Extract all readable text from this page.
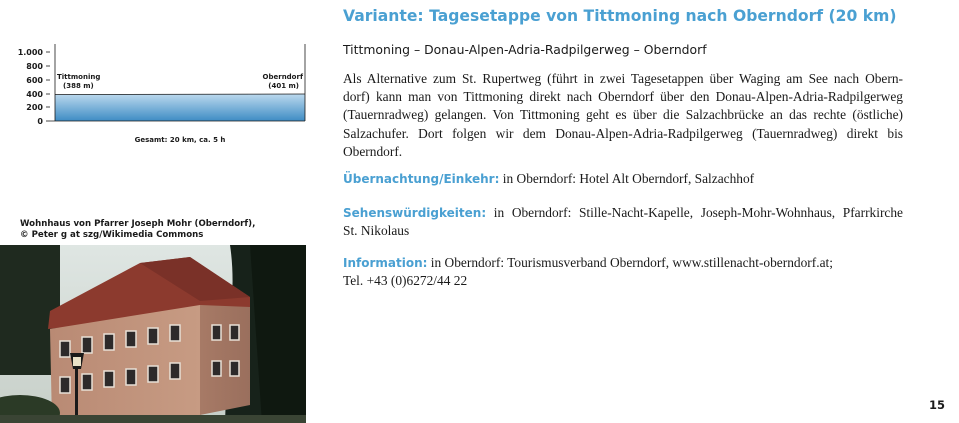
1.000
800
600
400
200
0
Tittmoning
(388 m)
Oberndorf
(401 m)
Gesamt: 20 km, ca. 5 h
Wohnhaus von Pfarrer Joseph Mohr (Oberndorf),
© Peter g at szg/Wikimedia Commons
Variante: Tagesetappe von Tittmoning nach Oberndorf (20 km)
Tittmoning – Donau-Alpen-Adria-Radpilgerweg – Oberndorf
Als Alternative zum St. Rupertweg (führt in zwei Tagesetappen über Waging am See nach Obern-
dorf) kann man von Tittmoning direkt nach Oberndorf über den Donau-Alpen-Adria-Radpilgerweg
(Tauernradweg) gelangen. Von Tittmoning geht es über die Salzachbrücke an das rechte (östliche)
Salzachufer. Dort folgen wir dem Donau-Alpen-Adria-Radpilgerweg (Tauernradweg) direkt bis
Oberndorf.
Übernachtung/Einkehr: in Oberndorf: Hotel Alt Oberndorf, Salzachhof
Sehenswürdigkeiten: in Oberndorf: Stille-Nacht-Kapelle, Joseph-Mohr-Wohnhaus, Pfarrkirche
St. Nikolaus
Information: in Oberndorf: Tourismusverband Oberndorf, www.stillenacht-oberndorf.at;
Tel. +43 (0)6272/44 22
15
